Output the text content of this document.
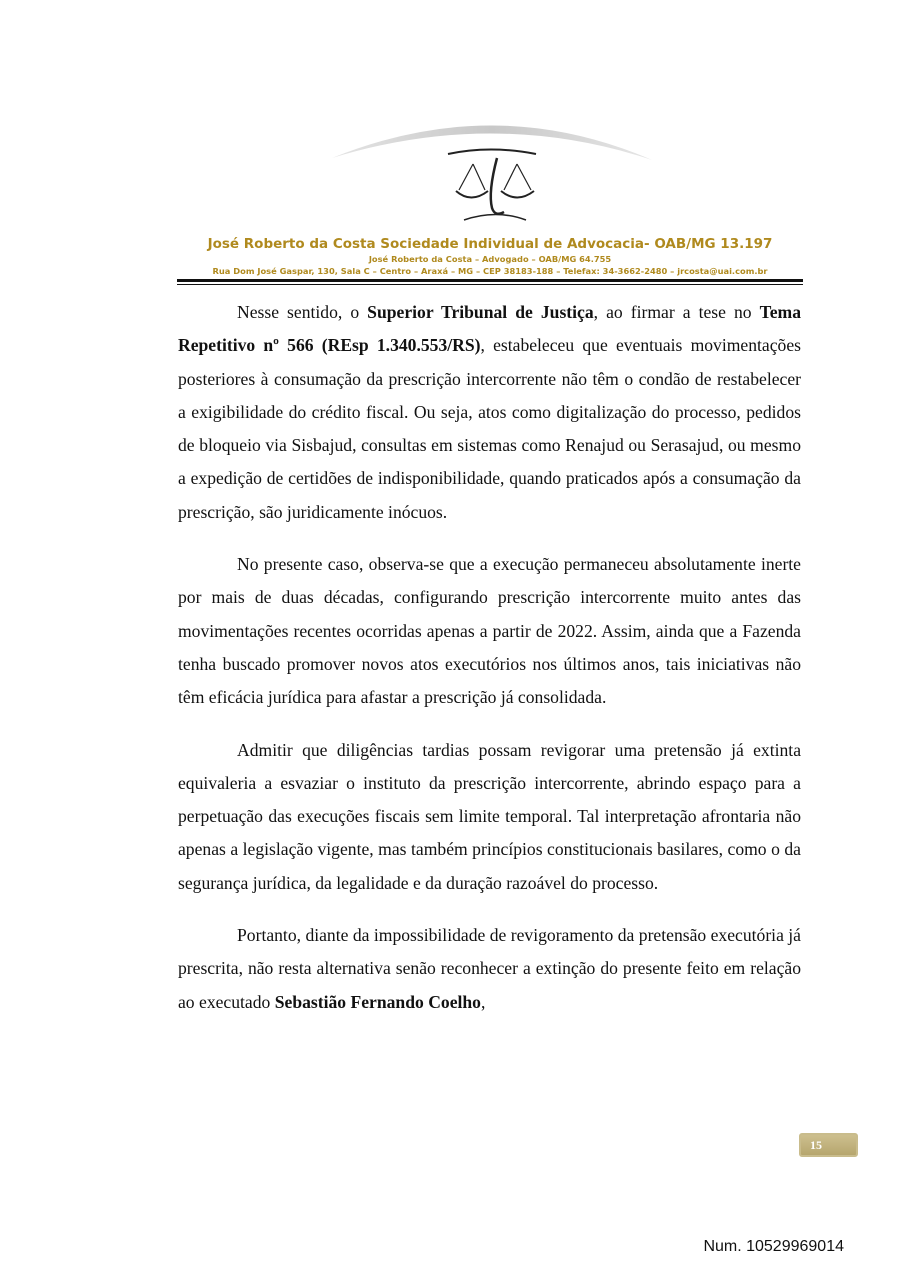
José Roberto da Costa Sociedade Individual de Advocacia- OAB/MG 13.197
José Roberto da Costa – Advogado – OAB/MG 64.755
Rua Dom José Gaspar, 130, Sala C – Centro – Araxá – MG – CEP 38183-188 – Telefax: 34-3662-2480 – jrcosta@uai.com.br

Nesse sentido, o Superior Tribunal de Justiça, ao firmar a tese no Tema Repetitivo nº 566 (REsp 1.340.553/RS), estabeleceu que eventuais movimentações posteriores à consumação da prescrição intercorrente não têm o condão de restabelecer a exigibilidade do crédito fiscal. Ou seja, atos como digitalização do processo, pedidos de bloqueio via Sisbajud, consultas em sistemas como Renajud ou Serasajud, ou mesmo a expedição de certidões de indisponibilidade, quando praticados após a consumação da prescrição, são juridicamente inócuos.

No presente caso, observa-se que a execução permaneceu absolutamente inerte por mais de duas décadas, configurando prescrição intercorrente muito antes das movimentações recentes ocorridas apenas a partir de 2022. Assim, ainda que a Fazenda tenha buscado promover novos atos executórios nos últimos anos, tais iniciativas não têm eficácia jurídica para afastar a prescrição já consolidada.

Admitir que diligências tardias possam revigorar uma pretensão já extinta equivaleria a esvaziar o instituto da prescrição intercorrente, abrindo espaço para a perpetuação das execuções fiscais sem limite temporal. Tal interpretação afrontaria não apenas a legislação vigente, mas também princípios constitucionais basilares, como o da segurança jurídica, da legalidade e da duração razoável do processo.

Portanto, diante da impossibilidade de revigoramento da pretensão executória já prescrita, não resta alternativa senão reconhecer a extinção do presente feito em relação ao executado Sebastião Fernando Coelho,

15
Num. 10529969014
